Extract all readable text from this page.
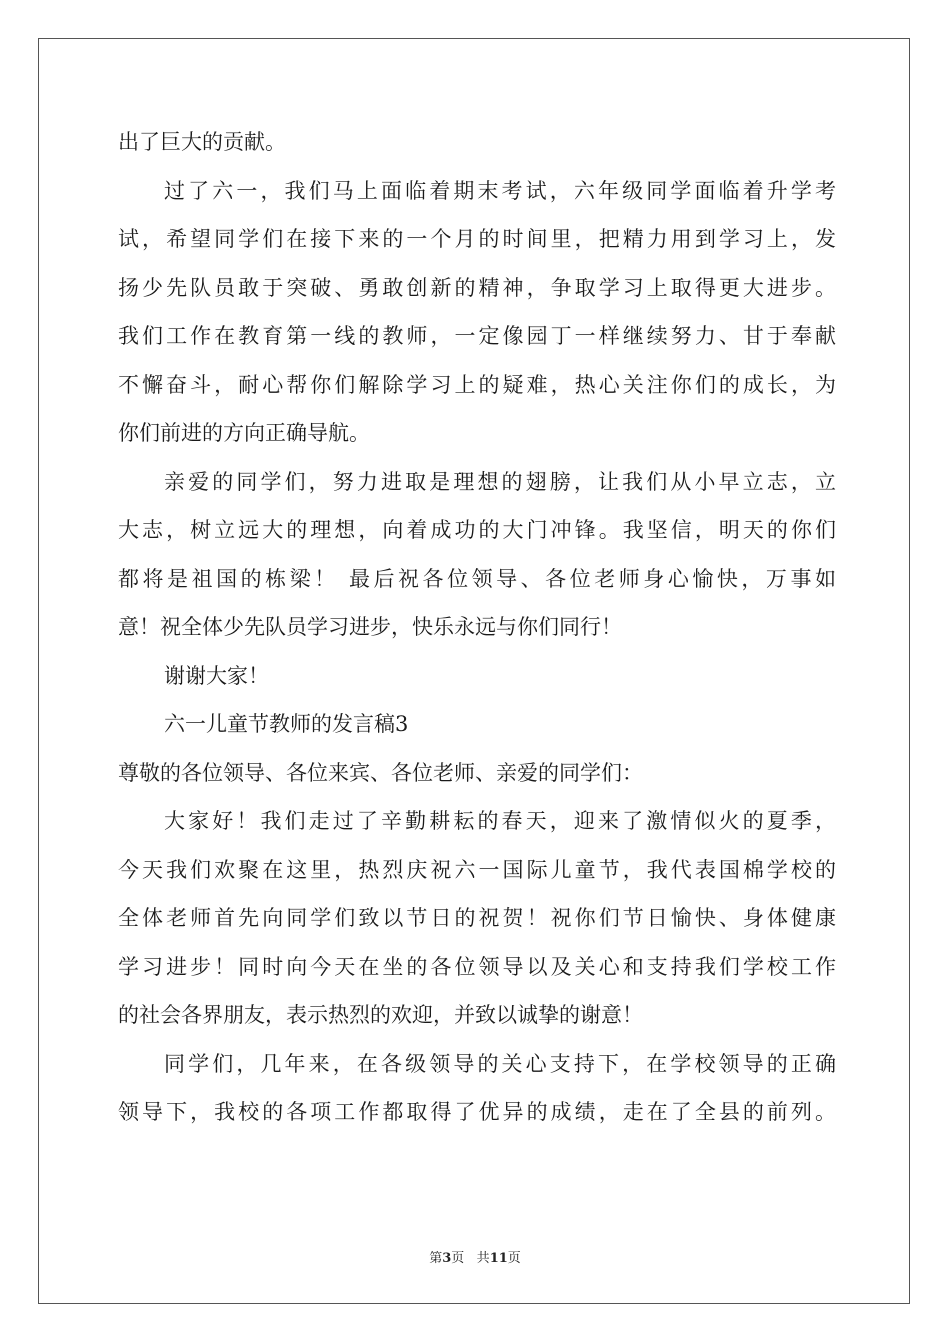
出了巨大的贡献。
过了六一，我们马上面临着期末考试，六年级同学面临着升学考
试，希望同学们在接下来的一个月的时间里，把精力用到学习上，发
扬少先队员敢于突破、勇敢创新的精神，争取学习上取得更大进步。
我们工作在教育第一线的教师，一定像园丁一样继续努力、甘于奉献
不懈奋斗，耐心帮你们解除学习上的疑难，热心关注你们的成长，为
你们前进的方向正确导航。
亲爱的同学们，努力进取是理想的翅膀，让我们从小早立志，立
大志，树立远大的理想，向着成功的大门冲锋。我坚信，明天的你们
都将是祖国的栋梁！ 最后祝各位领导、各位老师身心愉快，万事如
意！祝全体少先队员学习进步，快乐永远与你们同行！
谢谢大家！
六一儿童节教师的发言稿3
尊敬的各位领导、各位来宾、各位老师、亲爱的同学们：
大家好！我们走过了辛勤耕耘的春天，迎来了激情似火的夏季，
今天我们欢聚在这里，热烈庆祝六一国际儿童节，我代表国棉学校的
全体老师首先向同学们致以节日的祝贺！祝你们节日愉快、身体健康
学习进步！同时向今天在坐的各位领导以及关心和支持我们学校工作
的社会各界朋友，表示热烈的欢迎，并致以诚挚的谢意！
同学们，几年来，在各级领导的关心支持下，在学校领导的正确
领导下，我校的各项工作都取得了优异的成绩，走在了全县的前列。
第3页 共11页
